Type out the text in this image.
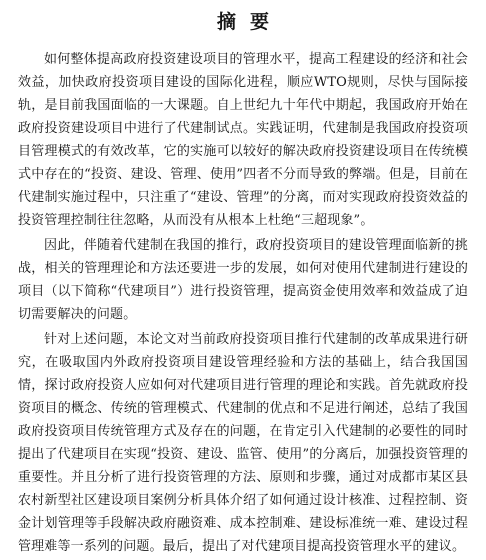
摘要

如何整体提高政府投资建设项目的管理水平，提高工程建设的经济和社会效益，加快政府投资项目建设的国际化进程，顺应WTO规则，尽快与国际接轨，是目前我国面临的一大课题。自上世纪九十年代中期起，我国政府开始在政府投资建设项目中进行了代建制试点。实践证明，代建制是我国政府投资项目管理模式的有效改革，它的实施可以较好的解决政府投资建设项目在传统模式中存在的“投资、建设、管理、使用”四者不分而导致的弊端。但是，目前在代建制实施过程中，只注重了“建设、管理”的分离，而对实现政府投资效益的投资管理控制往往忽略，从而没有从根本上杜绝“三超现象”。

因此，伴随着代建制在我国的推行，政府投资项目的建设管理面临新的挑战，相关的管理理论和方法还要进一步的发展，如何对使用代建制进行建设的项目（以下简称“代建项目”）进行投资管理，提高资金使用效率和效益成了迫切需要解决的问题。

针对上述问题，本论文对当前政府投资项目推行代建制的改革成果进行研究，在吸取国内外政府投资项目建设管理经验和方法的基础上，结合我国国情，探讨政府投资人应如何对代建项目进行管理的理论和实践。首先就政府投资项目的概念、传统的管理模式、代建制的优点和不足进行阐述，总结了我国政府投资项目传统管理方式及存在的问题，在肯定引入代建制的必要性的同时提出了代建项目在实现“投资、建设、监管、使用”的分离后，加强投资管理的重要性。并且分析了进行投资管理的方法、原则和步骤，通过对成都市某区县农村新型社区建设项目案例分析具体介绍了如何通过设计核准、过程控制、资金计划管理等手段解决政府融资难、成本控制难、建设标准统一难、建设过程管理难等一系列的问题。最后，提出了对代建项目提高投资管理水平的建议。
